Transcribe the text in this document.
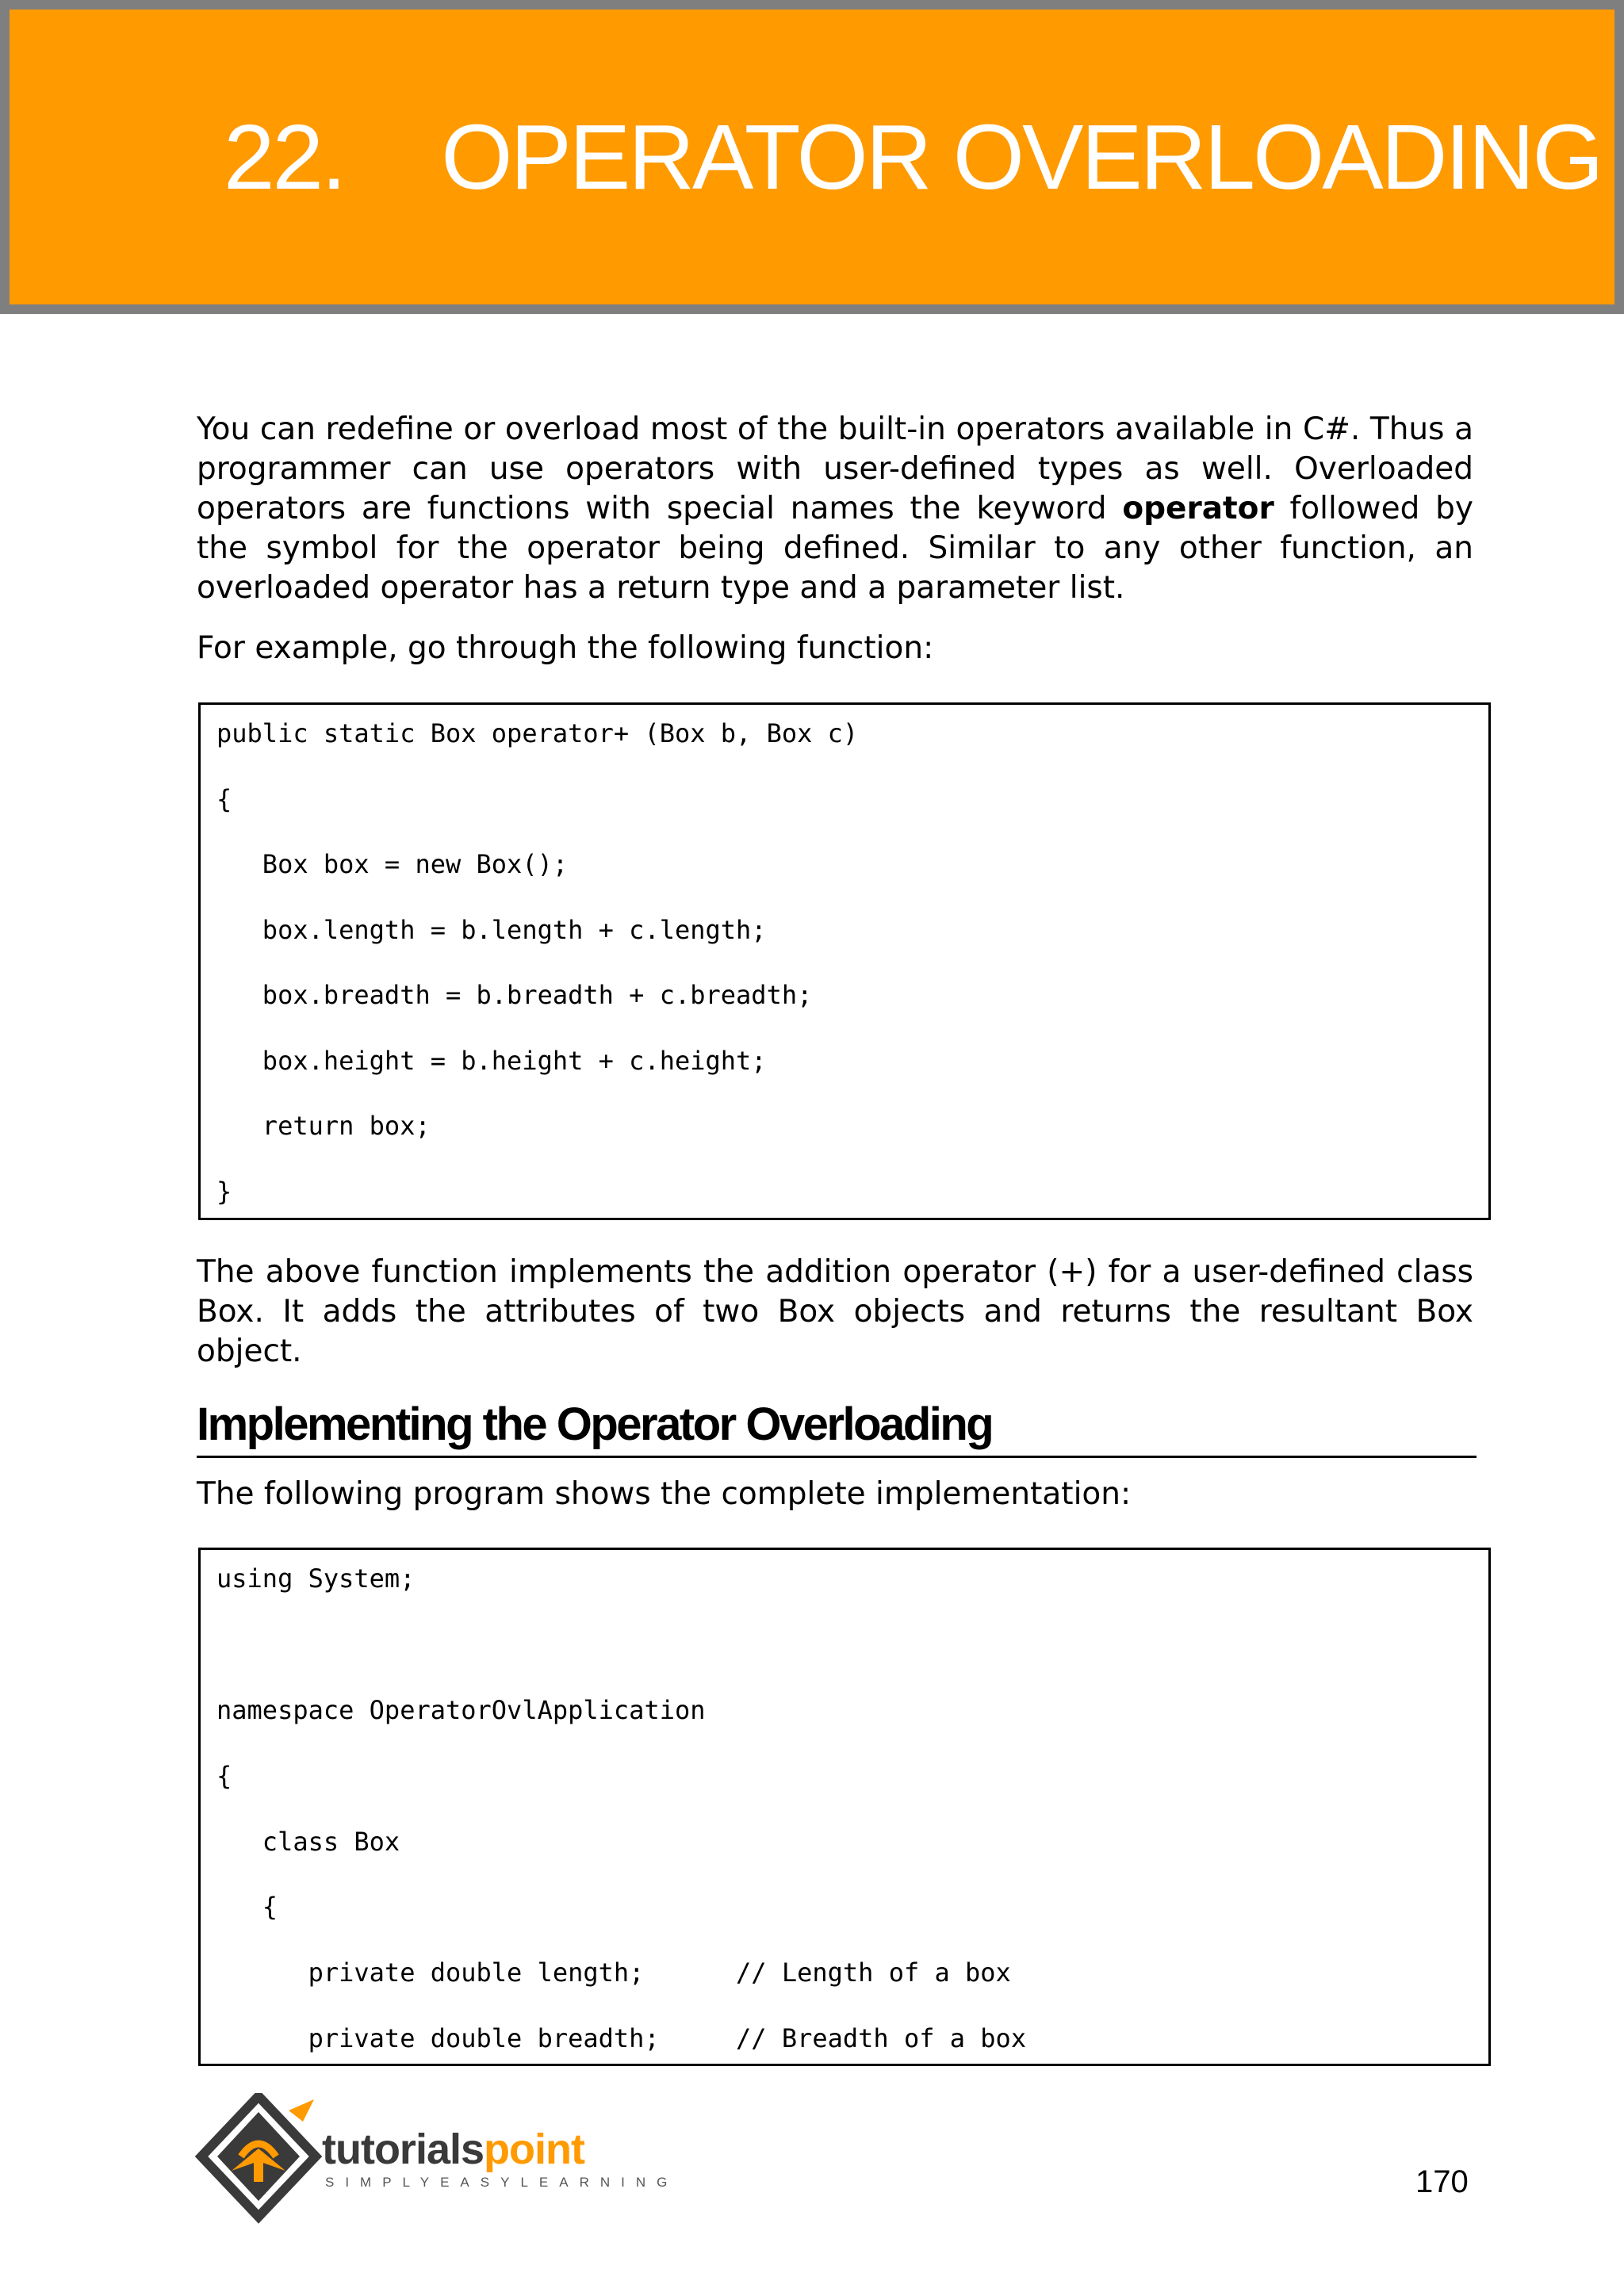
22. OPERATOR OVERLOADING
You can redefine or overload most of the built-in operators available in C#. Thus a programmer can use operators with user-defined types as well. Overloaded operators are functions with special names the keyword operator followed by the symbol for the operator being defined. Similar to any other function, an overloaded operator has a return type and a parameter list.
For example, go through the following function:
public static Box operator+ (Box b, Box c)
{
Box box = new Box();
box.length = b.length + c.length;
box.breadth = b.breadth + c.breadth;
box.height = b.height + c.height;
return box;
}
The above function implements the addition operator (+) for a user-defined class Box. It adds the attributes of two Box objects and returns the resultant Box object.
Implementing the Operator Overloading
The following program shows the complete implementation:
using System;
namespace OperatorOvlApplication
{
class Box
{
private double length;      // Length of a box
private double breadth;     // Breadth of a box
tutorialspoint
SIMPLYEASYLEARNING	170
